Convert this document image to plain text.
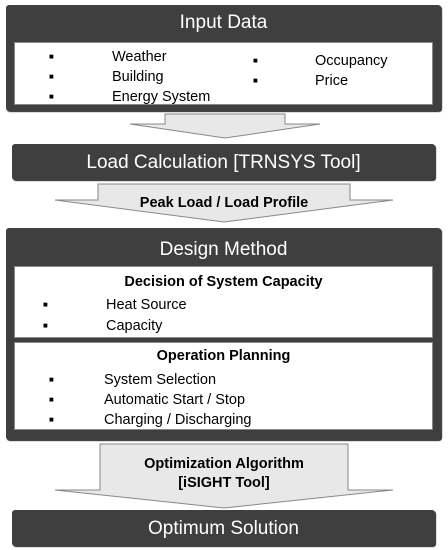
Input Data
■	Weather
■	Building
■	Energy System
■	Occupancy
■	Price
Load Calculation [TRNSYS Tool]
Peak Load / Load Profile
Design Method
Decision of System Capacity
■	Heat Source
■	Capacity
Operation Planning
■	System Selection
■	Automatic Start / Stop
■	Charging / Discharging
Optimization Algorithm
[iSIGHT Tool]
Optimum Solution
